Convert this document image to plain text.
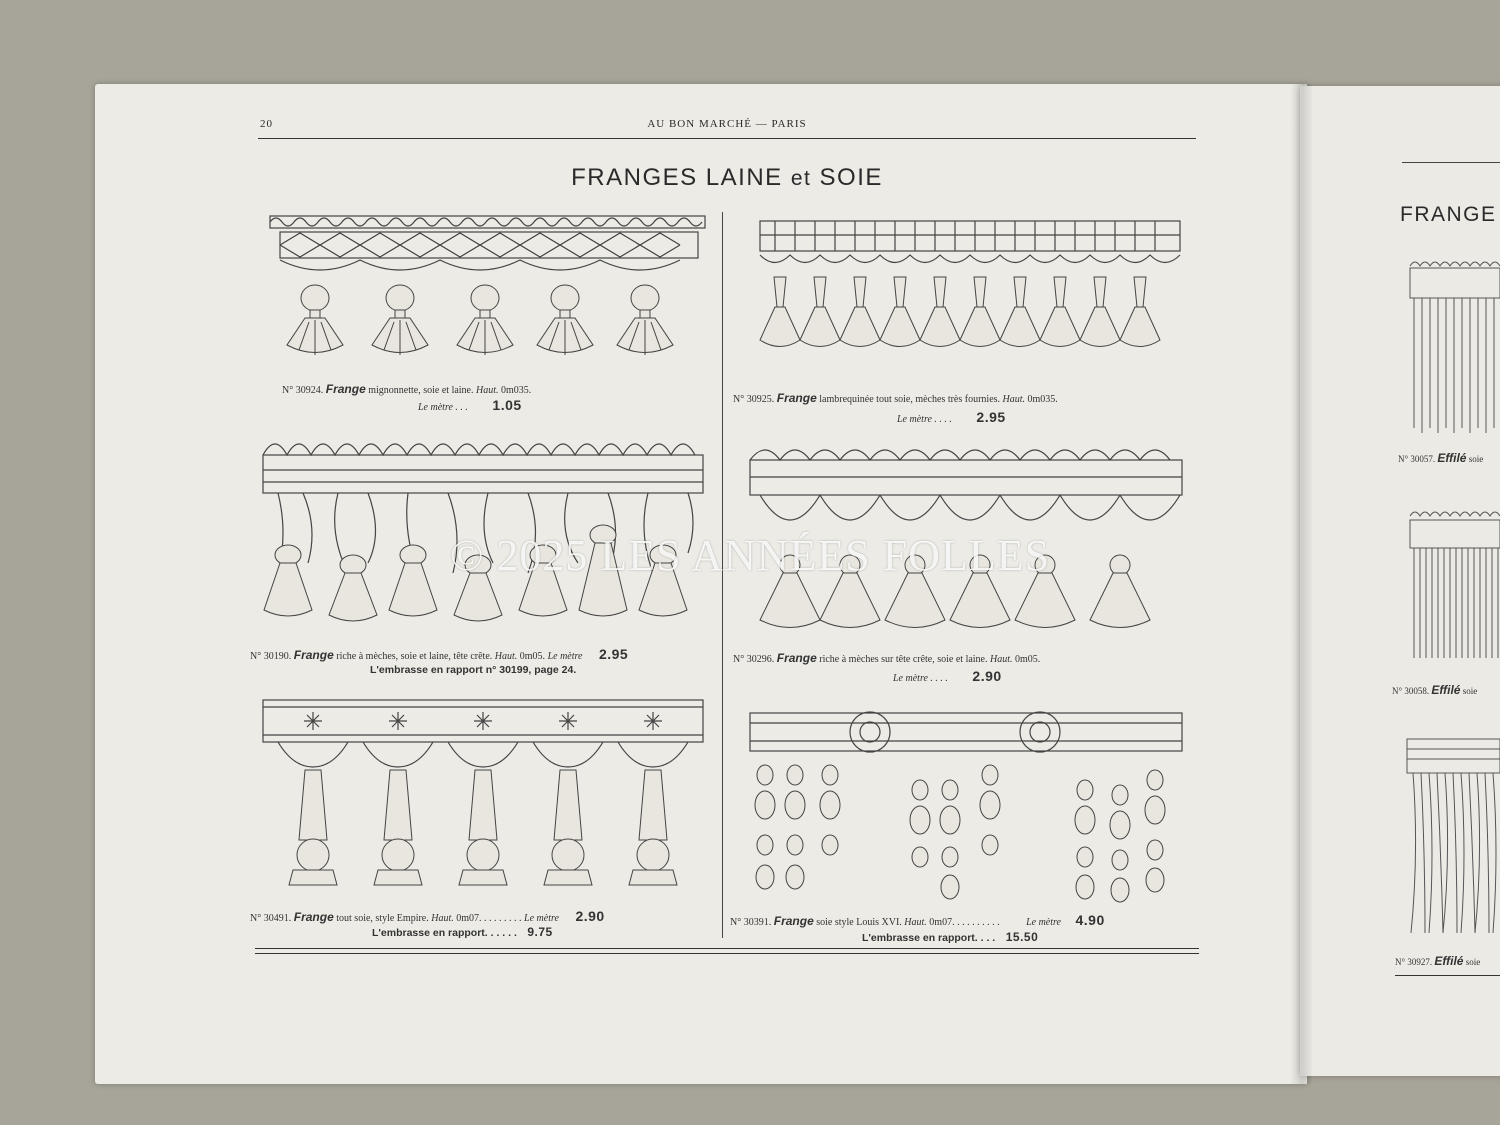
20	AU BON MARCHÉ — PARIS
FRANGES LAINE et SOIE
N° 30924. Frange mignonnette, soie et laine. Haut. 0m035.
Le mètre . . . 1.05	N° 30925. Frange lambrequinée tout soie, mèches très fournies. Haut. 0m035.
Le mètre . . . . 2.95
N° 30190. Frange riche à mèches, soie et laine, tête crête. Haut. 0m05. Le mètre 2.95
L'embrasse en rapport n° 30199, page 24.
N° 30296. Frange riche à mèches sur tête crête, soie et laine. Haut. 0m05.
Le mètre . . . . 2.90
N° 30491. Frange tout soie, style Empire. Haut. 0m07. . . . . . . . . Le mètre 2.90
L'embrasse en rapport. . . . . . 9.75
N° 30391. Frange soie style Louis XVI. Haut. 0m07. . . . . . . . . .	Le mètre 4.90
L'embrasse en rapport. . . . 15.50
© 2025 LES ANNÉES FOLLES
FRANGE
N° 30057. Effilé soie
N° 30058. Effilé soie
N° 30927. Effilé soie
